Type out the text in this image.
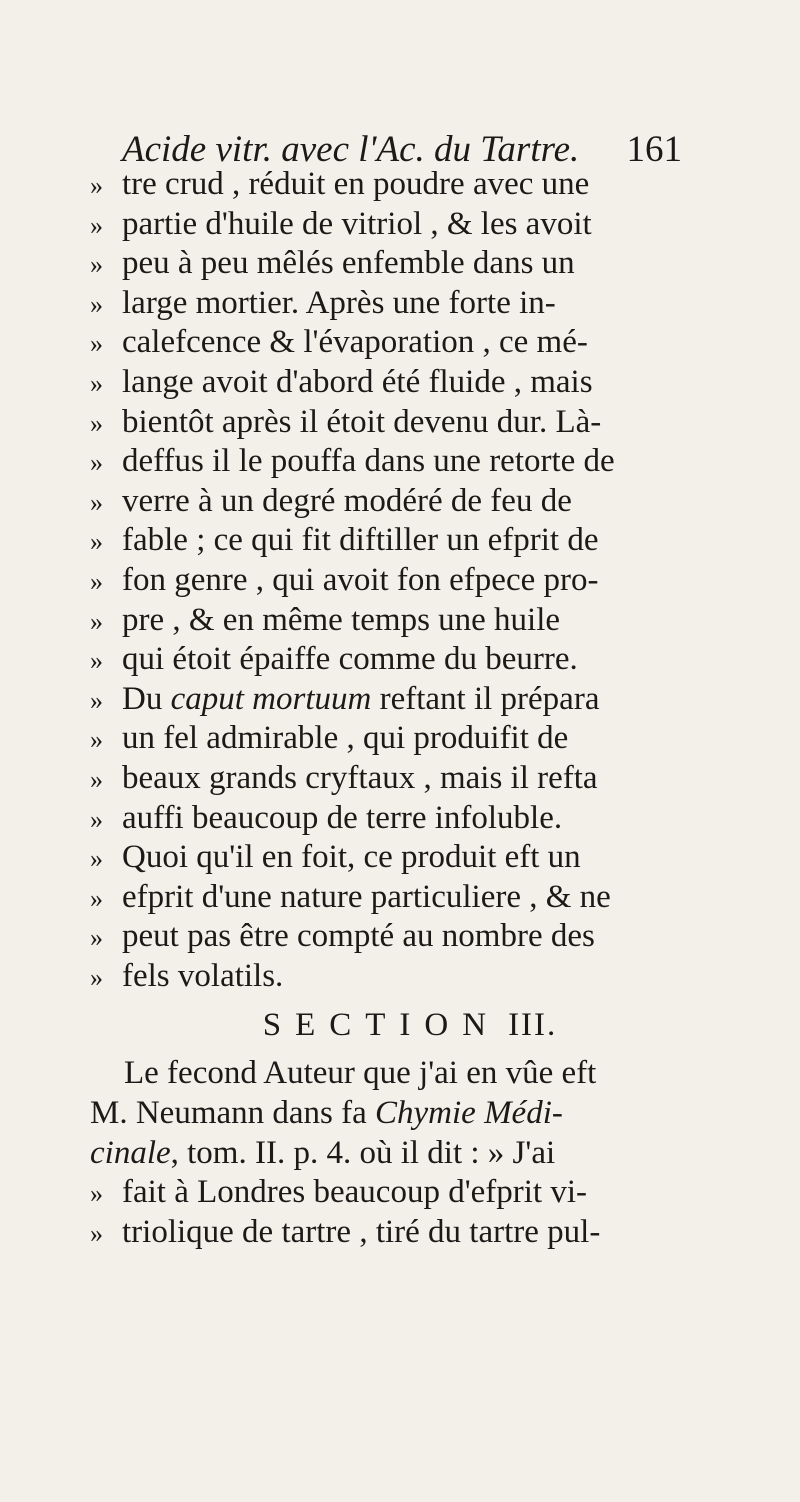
Acide vitr. avec l'Ac. du Tartre. 161
» tre crud , réduit en poudre avec une
» partie d'huile de vitriol , & les avoit
» peu à peu mêlés enfemble dans un
» large mortier. Après une forte in-
» calefcence & l'évaporation , ce mé-
» lange avoit d'abord été fluide , mais
» bientôt après il étoit devenu dur. Là-
» deffus il le pouffa dans une retorte de
» verre à un degré modéré de feu de
» fable ; ce qui fit diftiller un efprit de
» fon genre , qui avoit fon efpece pro-
» pre , & en même temps une huile
» qui étoit épaiffe comme du beurre.
» Du caput mortuum reftant il prépara
» un fel admirable , qui produifit de
» beaux grands cryftaux , mais il refta
» auffi beaucoup de terre infoluble.
» Quoi qu'il en foit, ce produit eft un
» efprit d'une nature particuliere , & ne
» peut pas être compté au nombre des
» fels volatils.
SECTION III.
Le fecond Auteur que j'ai en vûe eft
M. Neumann dans fa Chymie Médi-
cinale, tom. II. p. 4. où il dit : » J'ai
» fait à Londres beaucoup d'efprit vi-
» triolique de tartre , tiré du tartre pul-
